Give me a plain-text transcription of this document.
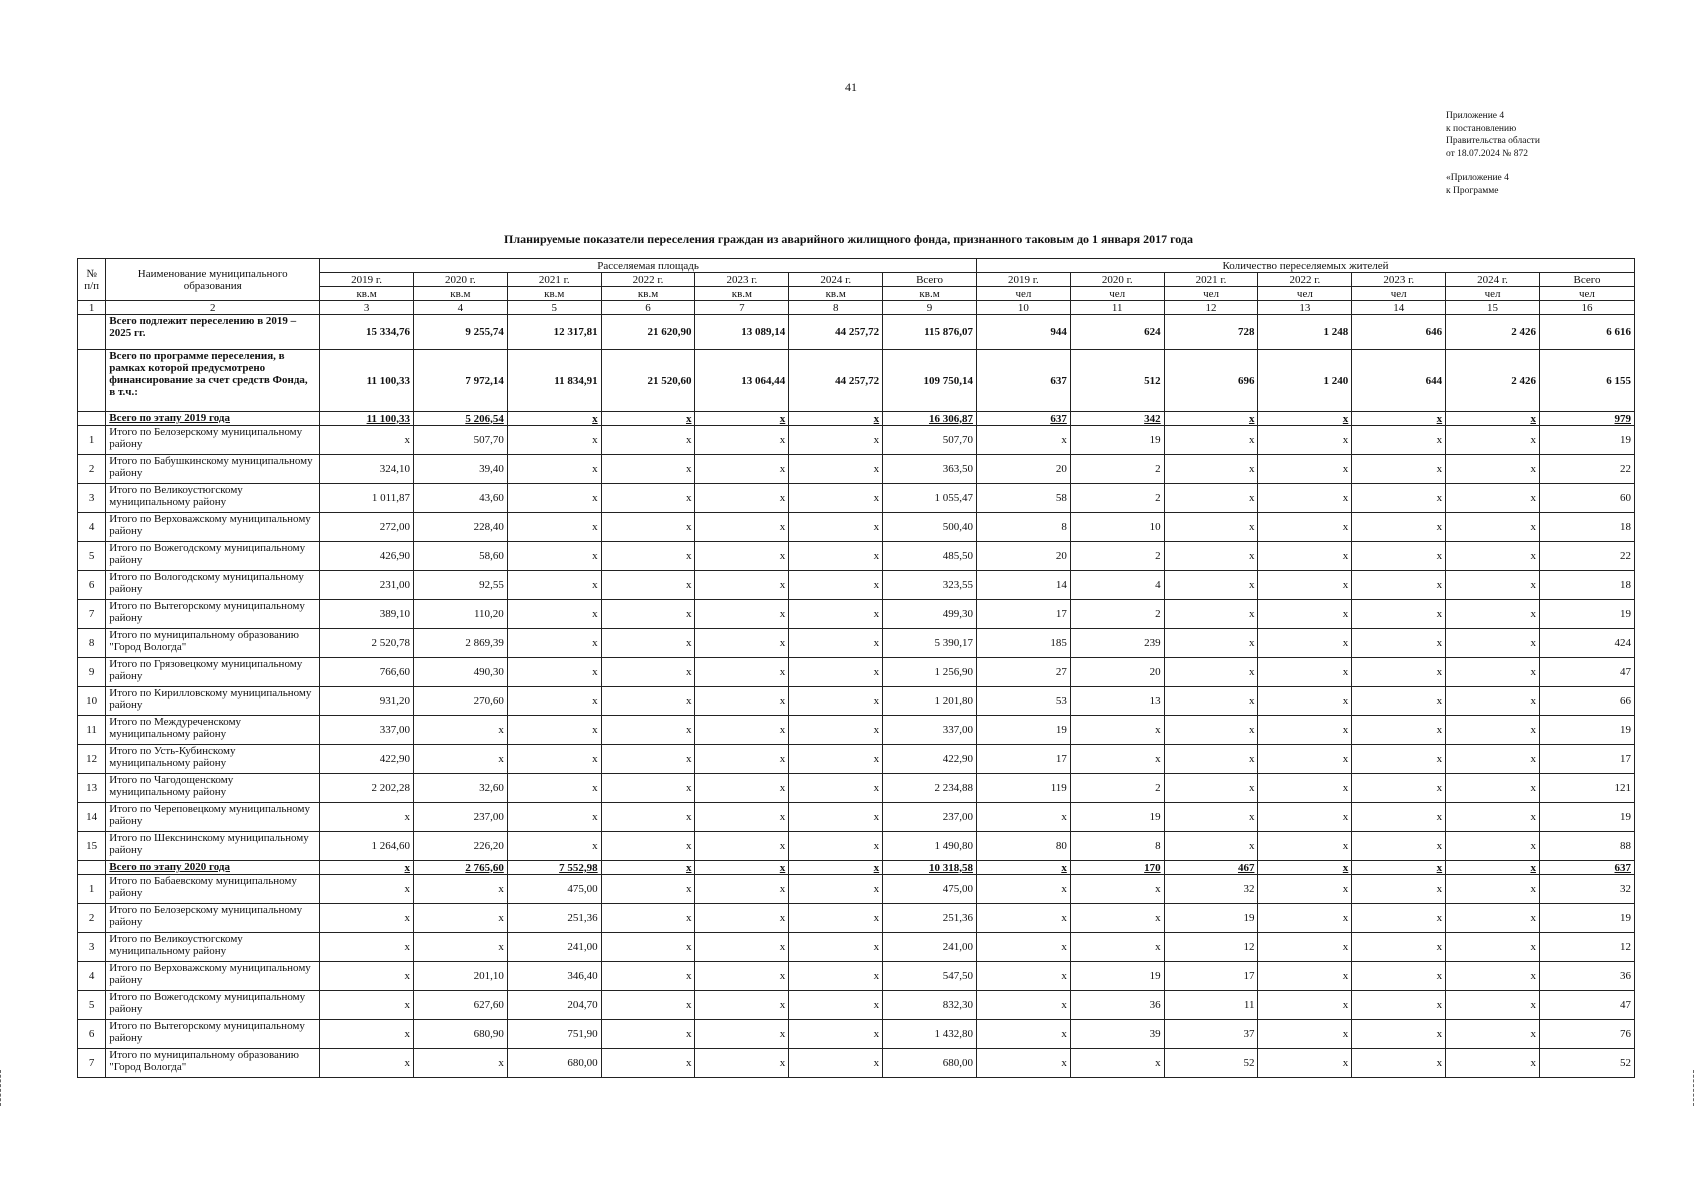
41
Приложение 4
к постановлению
Правительства области
от 18.07.2024 № 872
«Приложение 4
к Программе
Планируемые показатели переселения граждан из аварийного жилищного фонда, признанного таковым до 1 января 2017 года
№ п/п	Наименование муниципального образования	Расселяемая площадь							Количество переселяемых жителей						
		2019 г.	2020 г.	2021 г.	2022 г.	2023 г.	2024 г.	Всего	2019 г.	2020 г.	2021 г.	2022 г.	2023 г.	2024 г.	Всего
		кв.м	кв.м	кв.м	кв.м	кв.м	кв.м	кв.м	чел	чел	чел	чел	чел	чел	чел
1	2	3	4	5	6	7	8	9	10	11	12	13	14	15	16
	Всего подлежит переселению в 2019 – 2025 гг.	15 334,76	9 255,74	12 317,81	21 620,90	13 089,14	44 257,72	115 876,07	944	624	728	1 248	646	2 426	6 616
	Всего по программе переселения, в рамках которой предусмотрено финансирование за счет средств Фонда, в т.ч.:	11 100,33	7 972,14	11 834,91	21 520,60	13 064,44	44 257,72	109 750,14	637	512	696	1 240	644	2 426	6 155
	Всего по этапу 2019 года	11 100,33	5 206,54	x	x	x	x	16 306,87	637	342	x	x	x	x	979
1	Итого по Белозерскому муниципальному району	x	507,70	x	x	x	x	507,70	x	19	x	x	x	x	19
2	Итого по Бабушкинскому муниципальному району	324,10	39,40	x	x	x	x	363,50	20	2	x	x	x	x	22
3	Итого по Великоустюгскому муниципальному району	1 011,87	43,60	x	x	x	x	1 055,47	58	2	x	x	x	x	60
4	Итого по Верховажскому муниципальному району	272,00	228,40	x	x	x	x	500,40	8	10	x	x	x	x	18
5	Итого по Вожегодскому муниципальному району	426,90	58,60	x	x	x	x	485,50	20	2	x	x	x	x	22
6	Итого по Вологодскому муниципальному району	231,00	92,55	x	x	x	x	323,55	14	4	x	x	x	x	18
7	Итого по Вытегорскому муниципальному району	389,10	110,20	x	x	x	x	499,30	17	2	x	x	x	x	19
8	Итого по муниципальному образованию "Город Вологда"	2 520,78	2 869,39	x	x	x	x	5 390,17	185	239	x	x	x	x	424
9	Итого по Грязовецкому муниципальному району	766,60	490,30	x	x	x	x	1 256,90	27	20	x	x	x	x	47
10	Итого по Кирилловскому муниципальному району	931,20	270,60	x	x	x	x	1 201,80	53	13	x	x	x	x	66
11	Итого по Междуреченскому муниципальному району	337,00	x	x	x	x	x	337,00	19	x	x	x	x	x	19
12	Итого по Усть-Кубинскому муниципальному району	422,90	x	x	x	x	x	422,90	17	x	x	x	x	x	17
13	Итого по Чагодощенскому муниципальному району	2 202,28	32,60	x	x	x	x	2 234,88	119	2	x	x	x	x	121
14	Итого по Череповецкому муниципальному району	x	237,00	x	x	x	x	237,00	x	19	x	x	x	x	19
15	Итого по Шекснинскому муниципальному району	1 264,60	226,20	x	x	x	x	1 490,80	80	8	x	x	x	x	88
	Всего по этапу 2020 года	x	2 765,60	7 552,98	x	x	x	10 318,58	x	170	467	x	x	x	637
1	Итого по Бабаевскому муниципальному району	x	x	475,00	x	x	x	475,00	x	x	32	x	x	x	32
2	Итого по Белозерскому муниципальному району	x	x	251,36	x	x	x	251,36	x	x	19	x	x	x	19
3	Итого по Великоустюгскому муниципальному району	x	x	241,00	x	x	x	241,00	x	x	12	x	x	x	12
4	Итого по Верховажскому муниципальному району	x	201,10	346,40	x	x	x	547,50	x	19	17	x	x	x	36
5	Итого по Вожегодскому муниципальному району	x	627,60	204,70	x	x	x	832,30	x	36	11	x	x	x	47
6	Итого по Вытегорскому муниципальному району	x	680,90	751,90	x	x	x	1 432,80	x	39	37	x	x	x	76
7	Итого по муниципальному образованию "Город Вологда"	x	x	680,00	x	x	x	680,00	x	x	52	x	x	x	52
